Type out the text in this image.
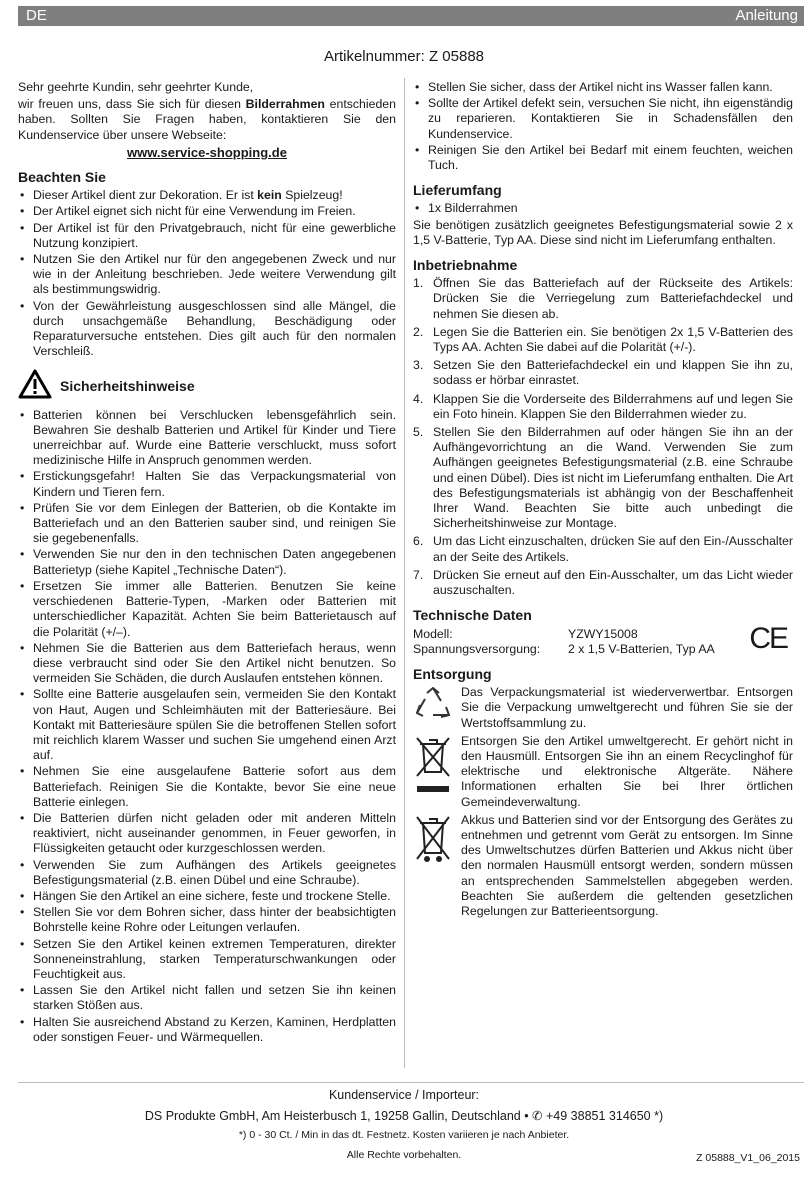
DE	Anleitung
Artikelnummer: Z 05888

Sehr geehrte Kundin, sehr geehrter Kunde,

wir freuen uns, dass Sie sich für diesen Bilderrahmen entschieden haben. Sollten Sie Fragen haben, kontaktieren Sie den Kundenservice über unsere Webseite:

www.service-shopping.de
Beachten Sie
• Dieser Artikel dient zur Dekoration. Er ist kein Spielzeug!
• Der Artikel eignet sich nicht für eine Verwendung im Freien.
• Der Artikel ist für den Privatgebrauch, nicht für eine gewerbliche Nutzung konzipiert.
• Nutzen Sie den Artikel nur für den angegebenen Zweck und nur wie in der Anleitung beschrieben. Jede weitere Verwendung gilt als bestimmungswidrig.
• Von der Gewährleistung ausgeschlossen sind alle Mängel, die durch unsachgemäße Behandlung, Beschädigung oder Reparaturversuche entstehen. Dies gilt auch für den normalen Verschleiß.
Sicherheitshinweise
• Batterien können bei Verschlucken lebensgefährlich sein. Bewahren Sie deshalb Batterien und Artikel für Kinder und Tiere unerreichbar auf. Wurde eine Batterie verschluckt, muss sofort medizinische Hilfe in Anspruch genommen werden.
• Erstickungsgefahr! Halten Sie das Verpackungsmaterial von Kindern und Tieren fern.
• Prüfen Sie vor dem Einlegen der Batterien, ob die Kontakte im Batteriefach und an den Batterien sauber sind, und reinigen Sie sie gegebenenfalls.
• Verwenden Sie nur den in den technischen Daten angegebenen Batterietyp (siehe Kapitel „Technische Daten“).
• Ersetzen Sie immer alle Batterien. Benutzen Sie keine verschiedenen Batterie-Typen, -Marken oder Batterien mit unterschiedlicher Kapazität. Achten Sie beim Batterietausch auf die Polarität (+/–).
• Nehmen Sie die Batterien aus dem Batteriefach heraus, wenn diese verbraucht sind oder Sie den Artikel nicht benutzen. So vermeiden Sie Schäden, die durch Auslaufen entstehen können.
• Sollte eine Batterie ausgelaufen sein, vermeiden Sie den Kontakt von Haut, Augen und Schleimhäuten mit der Batteriesäure. Bei Kontakt mit Batteriesäure spülen Sie die betroffenen Stellen sofort mit reichlich klarem Wasser und suchen Sie umgehend einen Arzt auf.
• Nehmen Sie eine ausgelaufene Batterie sofort aus dem Batteriefach. Reinigen Sie die Kontakte, bevor Sie eine neue Batterie einlegen.
• Die Batterien dürfen nicht geladen oder mit anderen Mitteln reaktiviert, nicht auseinander genommen, in Feuer geworfen, in Flüssigkeiten getaucht oder kurzgeschlossen werden.
• Verwenden Sie zum Aufhängen des Artikels geeignetes Befestigungsmaterial (z.B. einen Dübel und eine Schraube).
• Hängen Sie den Artikel an eine sichere, feste und trockene Stelle.
• Stellen Sie vor dem Bohren sicher, dass hinter der beabsichtigten Bohrstelle keine Rohre oder Leitungen verlaufen.
• Setzen Sie den Artikel keinen extremen Temperaturen, direkter Sonneneinstrahlung, starken Temperaturschwankungen oder Feuchtigkeit aus.
• Lassen Sie den Artikel nicht fallen und setzen Sie ihn keinen starken Stößen aus.
• Halten Sie ausreichend Abstand zu Kerzen, Kaminen, Herdplatten oder sonstigen Feuer- und Wärmequellen.
• Stellen Sie sicher, dass der Artikel nicht ins Wasser fallen kann.
• Sollte der Artikel defekt sein, versuchen Sie nicht, ihn eigenständig zu reparieren. Kontaktieren Sie in Schadensfällen den Kundenservice.
• Reinigen Sie den Artikel bei Bedarf mit einem feuchten, weichen Tuch.
Lieferumfang
• 1x Bilderrahmen

Sie benötigen zusätzlich geeignetes Befestigungsmaterial sowie 2 x 1,5 V-Batterie, Typ AA. Diese sind nicht im Lieferumfang enthalten.

Inbetriebnahme
1. Öffnen Sie das Batteriefach auf der Rückseite des Artikels: Drücken Sie die Verriegelung zum Batteriefachdeckel und nehmen Sie diesen ab.
2. Legen Sie die Batterien ein. Sie benötigen 2x 1,5 V-Batterien des Typs AA. Achten Sie dabei auf die Polarität (+/-).
3. Setzen Sie den Batteriefachdeckel ein und klappen Sie ihn zu, sodass er hörbar einrastet.
4. Klappen Sie die Vorderseite des Bilderrahmens auf und legen Sie ein Foto hinein. Klappen Sie den Bilderrahmen wieder zu.
5. Stellen Sie den Bilderrahmen auf oder hängen Sie ihn an der Aufhängevorrichtung an die Wand. Verwenden Sie zum Aufhängen geeignetes Befestigungsmaterial (z.B. eine Schraube und einen Dübel). Dies ist nicht im Lieferumfang enthalten. Die Art des Befestigungsmaterials ist abhängig von der Beschaffenheit Ihrer Wand. Beachten Sie bitte auch unbedingt die Sicherheitshinweise zur Montage.
6. Um das Licht einzuschalten, drücken Sie auf den Ein-/Ausschalter an der Seite des Artikels.
7. Drücken Sie erneut auf den Ein-Ausschalter, um das Licht wieder auszuschalten.
Technische Daten
Modell:	YZWY15008
Spannungsversorgung:	2 x 1,5 V-Batterien, Typ AA CE
Entsorgung
Das Verpackungsmaterial ist wiederverwertbar. Entsorgen Sie die Verpackung umweltgerecht und führen Sie sie der Wertstoffsammlung zu.
Entsorgen Sie den Artikel umweltgerecht. Er gehört nicht in den Hausmüll. Entsorgen Sie ihn an einem Recyclinghof für elektrische und elektronische Altgeräte. Nähere Informationen erhalten Sie bei Ihrer örtlichen Gemeindeverwaltung.
Akkus und Batterien sind vor der Entsorgung des Gerätes zu entnehmen und getrennt vom Gerät zu entsorgen. Im Sinne des Umweltschutzes dürfen Batterien und Akkus nicht über den normalen Hausmüll entsorgt werden, sondern müssen an entsprechenden Sammelstellen abgegeben werden. Beachten Sie außerdem die geltenden gesetzlichen Regelungen zur Batterieentsorgung.
Kundenservice / Importeur:
DS Produkte GmbH, Am Heisterbusch 1, 19258 Gallin, Deutschland • ✆ +49 38851 314650 *)
*) 0 - 30 Ct. / Min in das dt. Festnetz. Kosten variieren je nach Anbieter.
Alle Rechte vorbehalten.	Z 05888_V1_06_2015
